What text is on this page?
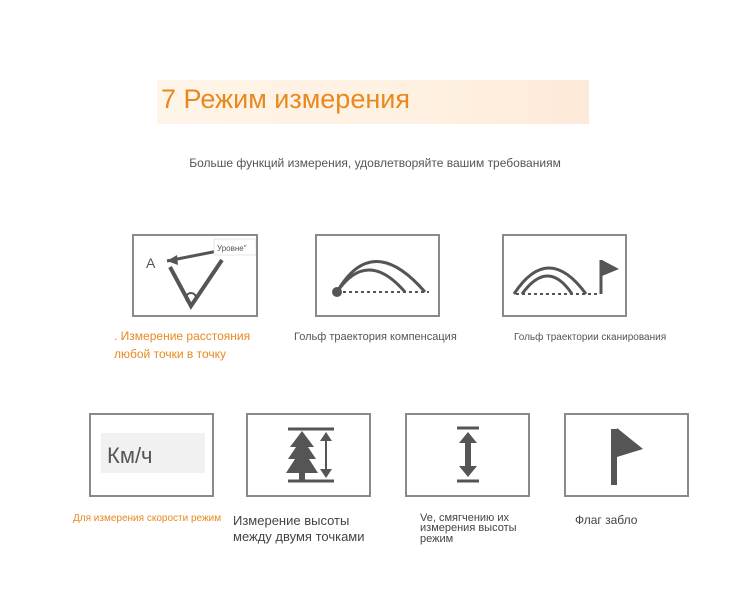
7 Режим измерения
Больше функций измерения, удовлетворяйте вашим требованиям
A
Уровне"
. Измерение расстояния
любой точки в точку
Гольф траектория компенсация	Гольф траектории сканирования
Км/ч
Для измерения скорости режим Измерение высоты
между двумя точками
Ve, смягчению их
измерения высоты
режим
Флаг забло
